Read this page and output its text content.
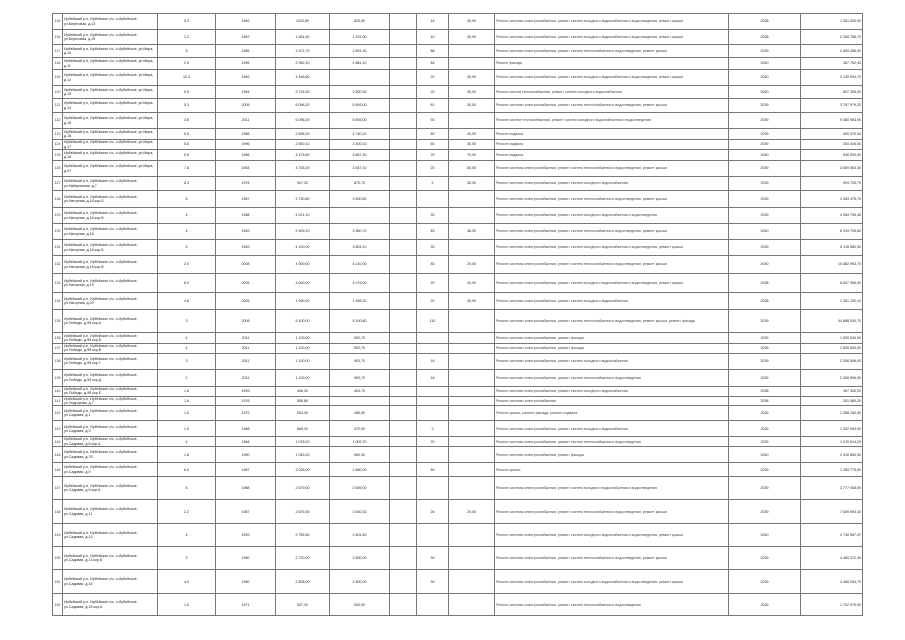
115	Ирбейский р-н, Ирбейское с/с, с.Ирбейское, ул.Береговая, д.13	5.3	1962	1020,80	820,30		16	30,00	Ремонт системы электроснабжения, ремонт систем холодного водоснабжения и водоотведения, ремонт крыши	2038	1 551 000,00
116	Ирбейский р-н, Ирбейское с/с, с.Ирбейское, ул.Береговая, д.15	1.2	1967	1 661,40	1 291,00		40	30,00	Ремонт системы электроснабжения, ремонт систем холодного водоснабжения и водоотведения, ремонт крыши	2038	2 308 786,70
117	Ирбейский р-н, Ирбейское с/с, с.Ирбейское, ул.Мира, д.10	5	1985	3 107,70	2 891,30		88		Ремонт системы электроснабжения, ремонт систем теплоснабжения и водоотведения, ремонт крыши	2039	2 609 456,00
118	Ирбейский р-н, Ирбейское с/с, с.Ирбейское, ул.Мира, д.11	2.9	1995	2 962,10	2 881,10		84		Ремонт фасада	2040	357 752,40
119	Ирбейский р-н, Ирбейское с/с, с.Ирбейское, ул.Мира, д.12	10.3	1962	4 448,60			20	30,00	Ремонт системы электроснабжения, ремонт систем холодного водоснабжения и водоотведения, ремонт крыши	2040	2 145 994,70
120	Ирбейский р-н, Ирбейское с/с, с.Ирбейское, ул.Мира, д.13	5.9	1964	2 716,30	2 500,30		20	30,00	Ремонт систем теплоснабжения, ремонт систем холодного водоснабжения	2040	807 355,00
121	Ирбейский р-н, Ирбейское с/с, с.Ирбейское, ул.Мира, д.14	5.3	2005	6 096,20	5 893,00		81	30,00	Ремонт системы электроснабжения, ремонт систем теплоснабжения и водоотведения, ремонт крыши	2039	3 797 979,20
122	Ирбейский р-н, Ирбейское с/с, с.Ирбейское, ул.Мира, д.15	3.6	2011	6 096,20	5 893,00		93		Ремонт систем теплоснабжения, ремонт систем холодного водоснабжения и водоотведения	2039	9 480 984,90
123	Ирбейский р-н, Ирбейское с/с, с.Ирбейское, ул.Мира, д.16	5.9	1966	2 838,30	2 740,10		60	30,00	Ремонт подвала	2039	400 375,00
124	Ирбейский р-н, Ирбейское с/с, с.Ирбейское, ул.Мира, д.17	5.6	1996	2 500,10	2 400,10		60	30,00	Ремонт подвала	2039	334 445,00
125	Ирбейский р-н, Ирбейское с/с, с.Ирбейское, ул.Мира, д.18	5.6	1986	4 175,60	3 867,30		76	70,00	Ремонт подвала	2040	540 000,00
126	Ирбейский р-н, Ирбейское с/с, с.Ирбейское, ул.Мира, д.47	7.8	1964	4 735,20	3 547,10		20	60,00	Ремонт системы электроснабжения, ремонт систем теплоснабжения и водоотведения, ремонт крыши	2039	3 609 564,30
127	Ирбейский р-н, Ирбейское с/с, с.Ирбейское, ул.Набережная, д.7	8.3	1976	947,20	870,70		2	30,00	Ремонт системы электроснабжения, ремонт систем холодного водоснабжения	2039	994 725,70
128	Ирбейский р-н, Ирбейское с/с, с.Ирбейское, ул.Нагорная, д.16 кор.Б	6	1967	3 750,60	3 500,60				Ремонт системы электроснабжения, ремонт систем теплоснабжения и водоотведения, ремонт крыши	2039	3 453 375,70
129	Ирбейский р-н, Ирбейское с/с, с.Ирбейское, ул.Нагорная, д.16 кор.В	4	1968	4 021,10			30		Ремонт системы электроснабжения, ремонт систем холодного водоснабжения и водоотведения	2039	4 284 795,45
130	Ирбейский р-н, Ирбейское с/с, с.Ирбейское, ул.Нагорная, д.18	4	1963	2 609,10	2 560,70		83	48,00	Ремонт системы электроснабжения, ремонт систем теплоснабжения и водоотведения, ремонт крыши	2040	6 419 705,60
131	Ирбейский р-н, Ирбейское с/с, с.Ирбейское, ул.Нагорная, д.18 кор.Б	3	1963	4 100,00	3 804,10		30		Ремонт системы электроснабжения, ремонт систем холодного водоснабжения и водоотведения, ремонт крыши	2039	6 116 560,00
132	Ирбейский р-н, Ирбейское с/с, с.Ирбейское, ул.Нагорная, д.18 кор.В	2.0	2008	4 900,00	4 210,00		80	20,00	Ремонт системы электроснабжения, ремонт систем теплоснабжения и водоотведения, ремонт крыши	2040	10 882 993,70
133	Ирбейский р-н, Ирбейское с/с, с.Ирбейское, ул.Нагорная, д.19	8.0	2005	4 600,00	4 076,00		20	20,00	Ремонт системы электроснабжения, ремонт систем холодного водоснабжения и водоотведения, ремонт крыши	2038	8 607 955,00
134	Ирбейский р-н, Ирбейское с/с, с.Ирбейское, ул.Нагорная, д.20	4.6	2005	1 990,20	1 955,20		20	30,00	Ремонт системы электроснабжения, ремонт систем холодного водоснабжения	2038	1 351 192,10
135	Ирбейский р-н, Ирбейское с/с, с.Ирбейское, ул.Победы, д.9б кор.А	3	2006	5 100,00	5 100,80		110		Ремонт системы электроснабжения, ремонт систем теплоснабжения и водоотведения, ремонт крыши, ремонт фасада	2039	44 888 050,70
136	Ирбейский р-н, Ирбейское с/с, с.Ирбейское, ул.Победы, д.9б кор.Б	4	2011	1 100,00	902,70				Ремонт системы электроснабжения, ремонт фасада	2039	1 509 540,00
137	Ирбейский р-н, Ирбейское с/с, с.Ирбейское, ул.Победы, д.9б кор.В	4	2011	1 100,00	902,70				Ремонт системы электроснабжения, ремонт фасада	2039	1 509 540,00
138	Ирбейский р-н, Ирбейское с/с, с.Ирбейское, ул.Победы, д.9б кор.Г	3	2011	1 100,00	903,70		16		Ремонт системы электроснабжения, ремонт систем холодного водоснабжения	2039	2 306 596,00
139	Ирбейский р-н, Ирбейское с/с, с.Ирбейское, ул.Победы, д.9б кор.Д	2	2011	1 100,00	903,70		16		Ремонт системы электроснабжения, ремонт систем теплоснабжения и водоотведения	2039	2 306 596,00
140	Ирбейский р-н, Ирбейское с/с, с.Ирбейское, ул.Победы, д.9б кор.Е	1.6	1993	406,20	403,70				Ремонт системы электроснабжения, ремонт систем холодного водоснабжения	2038	497 330,00
141	Ирбейский р-н, Ирбейское с/с, с.Ирбейское, ул.Подгорная, д.7	1.6	1976	556,60					Ремонт системы электроснабжения	2038	351 580,20
142	Ирбейский р-н, Ирбейское с/с, с.Ирбейское, ул.Садовая, д.1	1.6	1972	554,30	485,30				Ремонт крыши, ремонт фасада, ремонт подвала	2039	1 358 180,30
143	Ирбейский р-н, Ирбейское с/с, с.Ирбейское, ул.Садовая, д.3	1.5	1988	665,20	472,00		3		Ремонт системы электроснабжения, ремонт систем холодного водоснабжения	2039	1 302 594,00
144	Ирбейский р-н, Ирбейское с/с, с.Ирбейское, ул.Садовая, д.5 кор.А	4	1964	1 078,20	1 002,70		20		Ремонт системы электроснабжения, ремонт систем теплоснабжения и водоотведения	2039	1 076 914,20
145	Ирбейский р-н, Ирбейское с/с, с.Ирбейское, ул.Садовая, д.7б	1.6	1990	1 063,20	960,30				Ремонт системы электроснабжения, ремонт фасада	2040	2 316 660,00
146	Ирбейский р-н, Ирбейское с/с, с.Ирбейское, ул.Садовая, д.9	6.0	1987	3 026,00	2 860,00		60		Ремонт крыши	2039	1 259 775,00
147	Ирбейский р-н, Ирбейское с/с, с.Ирбейское, ул.Садовая, д.9 кор.А	5	1988	2 679,00	2 659,00				Ремонт системы электроснабжения, ремонт систем холодного водоснабжения и водоотведения	2039	3 777 055,00
148	Ирбейский р-н, Ирбейское с/с, с.Ирбейское, ул.Садовая, д.11	2.2	1987	2 676,30	2 630,30		26	20,00	Ремонт системы электроснабжения, ремонт систем теплоснабжения и водоотведения, ремонт крыши	2039	7 609 594,30
149	Ирбейский р-н, Ирбейское с/с, с.Ирбейское, ул.Садовая, д.13	4	1993	2 755,50	2 601,60				Ремонт системы электроснабжения, ремонт систем холодного водоснабжения и водоотведения, ремонт крыши	2040	3 740 557,47
150	Ирбейский р-н, Ирбейское с/с, с.Ирбейское, ул.Садовая, д.13 кор.Б	3	1980	2 720,00	2 500,00		30		Ремонт системы электроснабжения, ремонт систем теплоснабжения и водоотведения, ремонт крыши	2039	4 480 072,40
151	Ирбейский р-н, Ирбейское с/с, с.Ирбейское, ул.Садовая, д.15	4.0	1980	2 805,00	2 800,00		30		Ремонт системы электроснабжения, ремонт систем холодного водоснабжения и водоотведения, ремонт крыши	2039	4 468 054,70
152	Ирбейский р-н, Ирбейское с/с, с.Ирбейское, ул.Садовая, д.15 кор.А	1.6	1971	547,20	500,00				Ремонт системы электроснабжения, ремонт систем теплоснабжения и водоотведения	2039	1 702 079,00
